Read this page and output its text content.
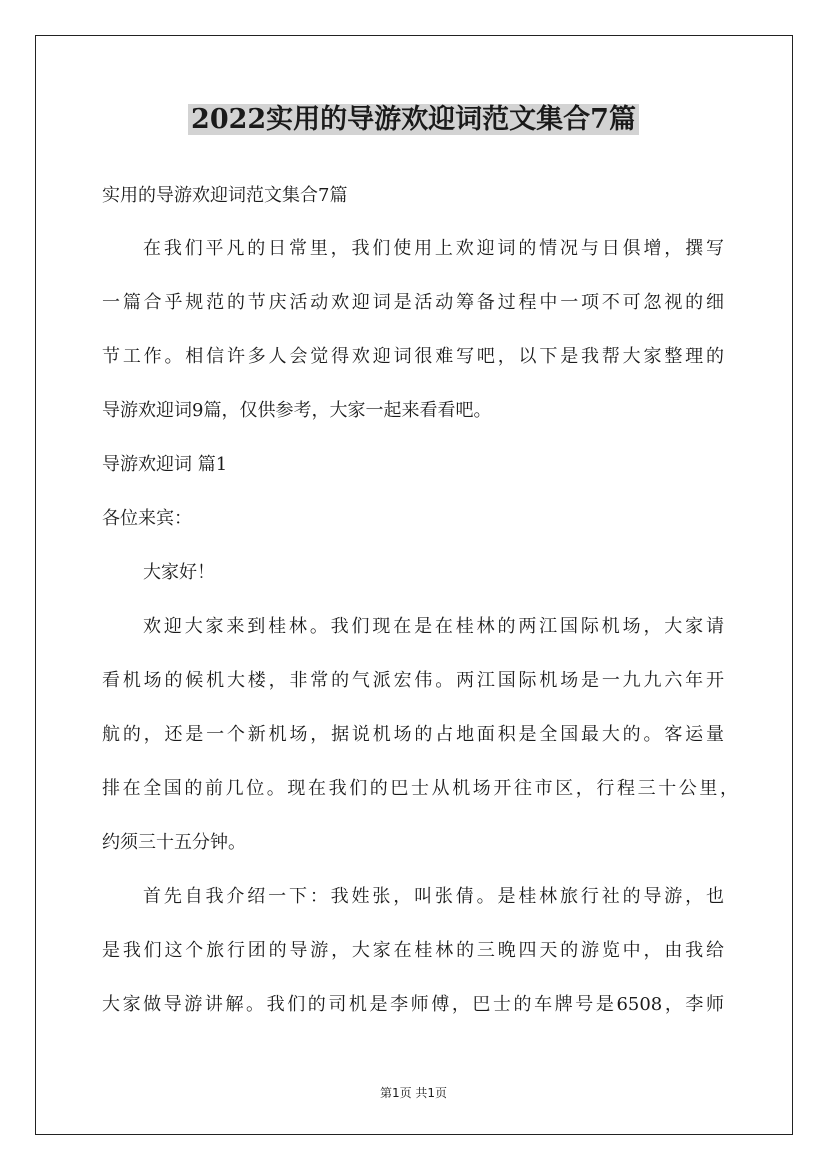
2022实用的导游欢迎词范文集合7篇
实用的导游欢迎词范文集合7篇
在我们平凡的日常里，我们使用上欢迎词的情况与日俱增，撰写
一篇合乎规范的节庆活动欢迎词是活动筹备过程中一项不可忽视的细
节工作。相信许多人会觉得欢迎词很难写吧，以下是我帮大家整理的
导游欢迎词9篇，仅供参考，大家一起来看看吧。
导游欢迎词 篇1
各位来宾：
大家好！
欢迎大家来到桂林。我们现在是在桂林的两江国际机场，大家请
看机场的候机大楼，非常的气派宏伟。两江国际机场是一九九六年开
航的，还是一个新机场，据说机场的占地面积是全国最大的。客运量
排在全国的前几位。现在我们的巴士从机场开往市区，行程三十公里，
约须三十五分钟。
首先自我介绍一下：我姓张，叫张倩。是桂林旅行社的导游，也
是我们这个旅行团的导游，大家在桂林的三晚四天的游览中，由我给
大家做导游讲解。我们的司机是李师傅，巴士的车牌号是6508，李师
第1页 共1页
